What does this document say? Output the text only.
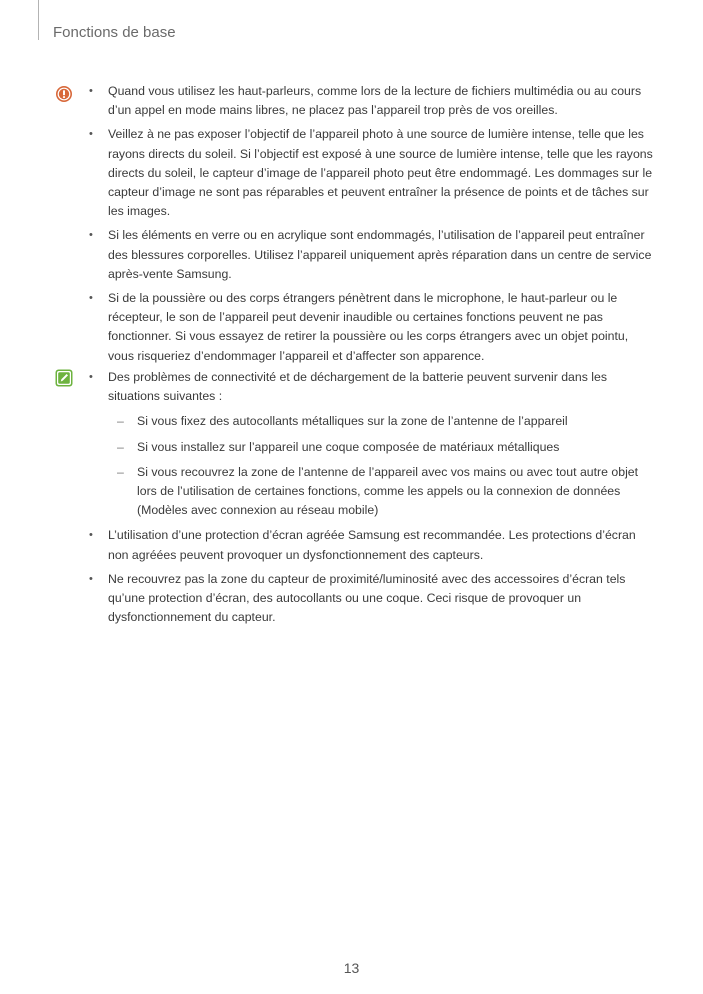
Fonctions de base
• Quand vous utilisez les haut-parleurs, comme lors de la lecture de fichiers multimédia ou au cours d’un appel en mode mains libres, ne placez pas l’appareil trop près de vos oreilles.
• Veillez à ne pas exposer l’objectif de l’appareil photo à une source de lumière intense, telle que les rayons directs du soleil. Si l’objectif est exposé à une source de lumière intense, telle que les rayons directs du soleil, le capteur d’image de l’appareil photo peut être endommagé. Les dommages sur le capteur d’image ne sont pas réparables et peuvent entraîner la présence de points et de tâches sur les images.
• Si les éléments en verre ou en acrylique sont endommagés, l’utilisation de l’appareil peut entraîner des blessures corporelles. Utilisez l’appareil uniquement après réparation dans un centre de service après-vente Samsung.
• Si de la poussière ou des corps étrangers pénètrent dans le microphone, le haut-parleur ou le récepteur, le son de l’appareil peut devenir inaudible ou certaines fonctions peuvent ne pas fonctionner. Si vous essayez de retirer la poussière ou les corps étrangers avec un objet pointu, vous risqueriez d’endommager l’appareil et d’affecter son apparence.
• Des problèmes de connectivité et de déchargement de la batterie peuvent survenir dans les situations suivantes :
– Si vous fixez des autocollants métalliques sur la zone de l’antenne de l’appareil
– Si vous installez sur l’appareil une coque composée de matériaux métalliques
– Si vous recouvrez la zone de l’antenne de l’appareil avec vos mains ou avec tout autre objet lors de l’utilisation de certaines fonctions, comme les appels ou la connexion de données (Modèles avec connexion au réseau mobile)
• L’utilisation d’une protection d’écran agréée Samsung est recommandée. Les protections d’écran non agréées peuvent provoquer un dysfonctionnement des capteurs.
• Ne recouvrez pas la zone du capteur de proximité/luminosité avec des accessoires d’écran tels qu’une protection d’écran, des autocollants ou une coque. Ceci risque de provoquer un dysfonctionnement du capteur.
13
